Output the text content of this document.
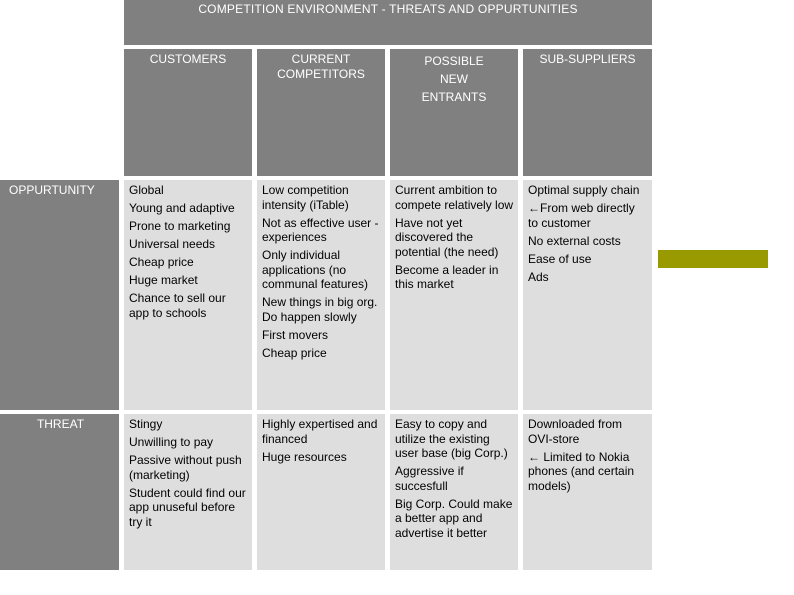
COMPETITION ENVIRONMENT - THREATS AND OPPURTUNITIES
CUSTOMERS	CURRENT COMPETITORS
POSSIBLE NEW ENTRANTS
SUB-SUPPLIERS
OPPURTUNITY
THREAT
Global
Young and adaptive
Prone to marketing
Universal needs
Cheap price
Huge market
Chance to sell our app to schools
Low competition intensity (iTable)
Not as effective user -experiences
Only individual applications (no communal features)
New things in big org. Do happen slowly
First movers
Cheap price
Current ambition to compete relatively low
Have not yet discovered the potential (the need)
Become a leader in this market
Optimal supply chain
←From web directly to customer
No external costs
Ease of use
Ads
Stingy
Unwilling to pay
Passive without push (marketing)
Student could find our app unuseful before try it
Highly expertised and financed
Huge resources
Easy to copy and utilize the existing user base (big Corp.)
Aggressive if succesfull
Big Corp. Could make a better app and advertise it better
Downloaded from OVI-store
← Limited to Nokia phones (and certain models)
